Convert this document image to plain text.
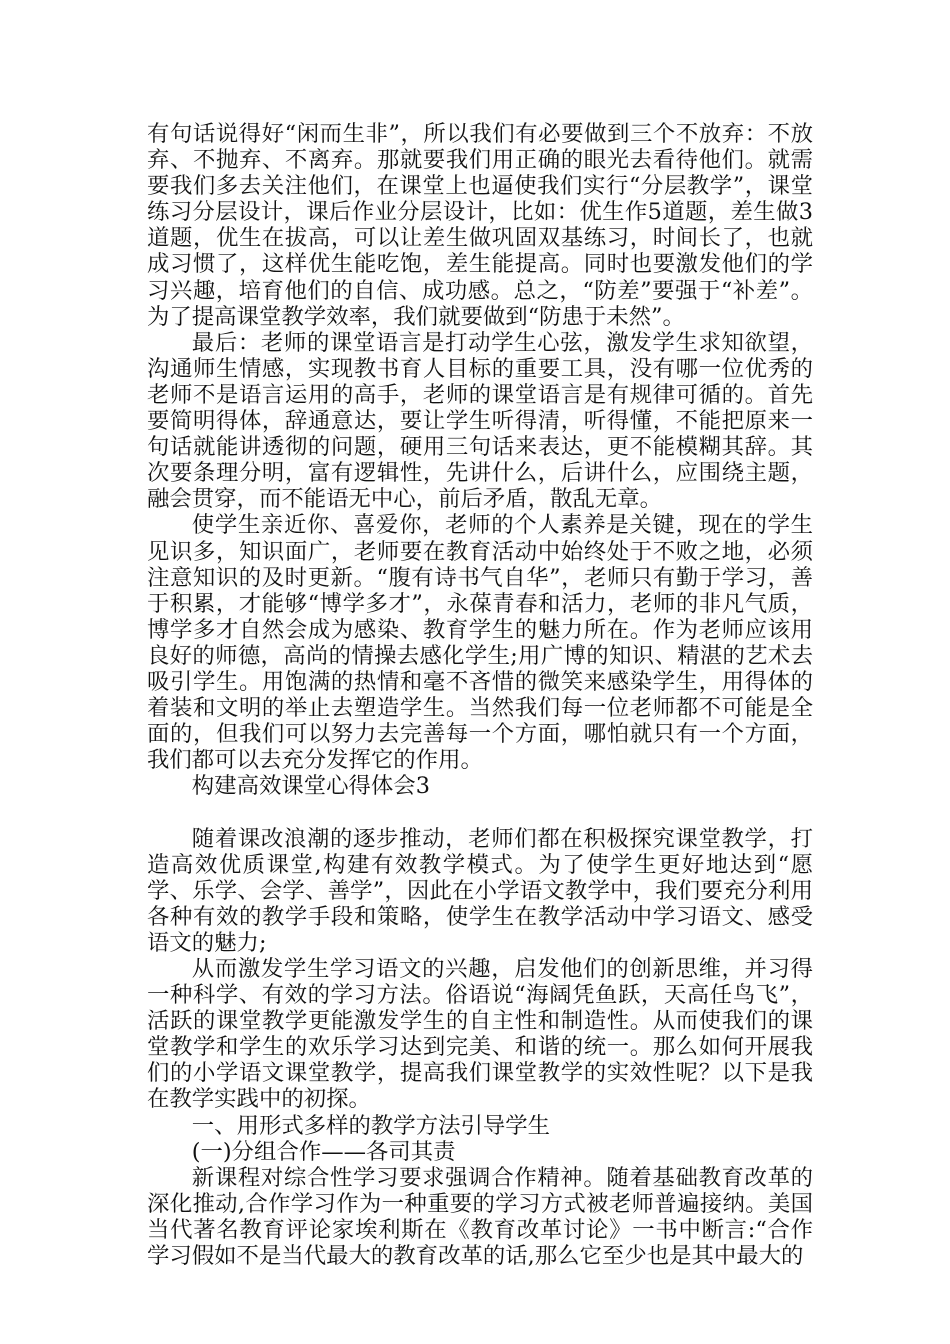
有句话说得好“闲而生非”，所以我们有必要做到三个不放弃：不放弃、不抛弃、不离弃。那就要我们用正确的眼光去看待他们。就需要我们多去关注他们，在课堂上也逼使我们实行“分层教学”，课堂练习分层设计，课后作业分层设计，比如：优生作5道题，差生做3道题，优生在拔高，可以让差生做巩固双基练习，时间长了，也就成习惯了，这样优生能吃饱，差生能提高。同时也要激发他们的学习兴趣，培育他们的自信、成功感。总之，“防差”要强于“补差”。为了提高课堂教学效率，我们就要做到“防患于未然”。

最后：老师的课堂语言是打动学生心弦，激发学生求知欲望，沟通师生情感，实现教书育人目标的重要工具，没有哪一位优秀的老师不是语言运用的高手，老师的课堂语言是有规律可循的。首先要简明得体，辞通意达，要让学生听得清，听得懂，不能把原来一句话就能讲透彻的问题，硬用三句话来表达，更不能模糊其辞。其次要条理分明，富有逻辑性，先讲什么，后讲什么，应围绕主题，融会贯穿，而不能语无中心，前后矛盾，散乱无章。

使学生亲近你、喜爱你，老师的个人素养是关键，现在的学生见识多，知识面广，老师要在教育活动中始终处于不败之地，必须注意知识的及时更新。“腹有诗书气自华”，老师只有勤于学习，善于积累，才能够“博学多才”，永葆青春和活力，老师的非凡气质，博学多才自然会成为感染、教育学生的魅力所在。作为老师应该用良好的师德，高尚的情操去感化学生;用广博的知识、精湛的艺术去吸引学生。用饱满的热情和毫不吝惜的微笑来感染学生，用得体的着装和文明的举止去塑造学生。当然我们每一位老师都不可能是全面的，但我们可以努力去完善每一个方面，哪怕就只有一个方面，我们都可以去充分发挥它的作用。

构建高效课堂心得体会3

随着课改浪潮的逐步推动，老师们都在积极探究课堂教学，打造高效优质课堂,构建有效教学模式。为了使学生更好地达到“愿学、乐学、会学、善学”，因此在小学语文教学中，我们要充分利用各种有效的教学手段和策略，使学生在教学活动中学习语文、感受语文的魅力;

从而激发学生学习语文的兴趣，启发他们的创新思维，并习得一种科学、有效的学习方法。俗语说“海阔凭鱼跃，天高任鸟飞”，活跃的课堂教学更能激发学生的自主性和制造性。从而使我们的课堂教学和学生的欢乐学习达到完美、和谐的统一。那么如何开展我们的小学语文课堂教学，提高我们课堂教学的实效性呢？以下是我在教学实践中的初探。

一、用形式多样的教学方法引导学生

(一)分组合作——各司其责

新课程对综合性学习要求强调合作精神。随着基础教育改革的深化推动,合作学习作为一种重要的学习方式被老师普遍接纳。美国当代著名教育评论家埃利斯在《教育改革讨论》一书中断言:“合作学习假如不是当代最大的教育改革的话,那么它至少也是其中最大的
